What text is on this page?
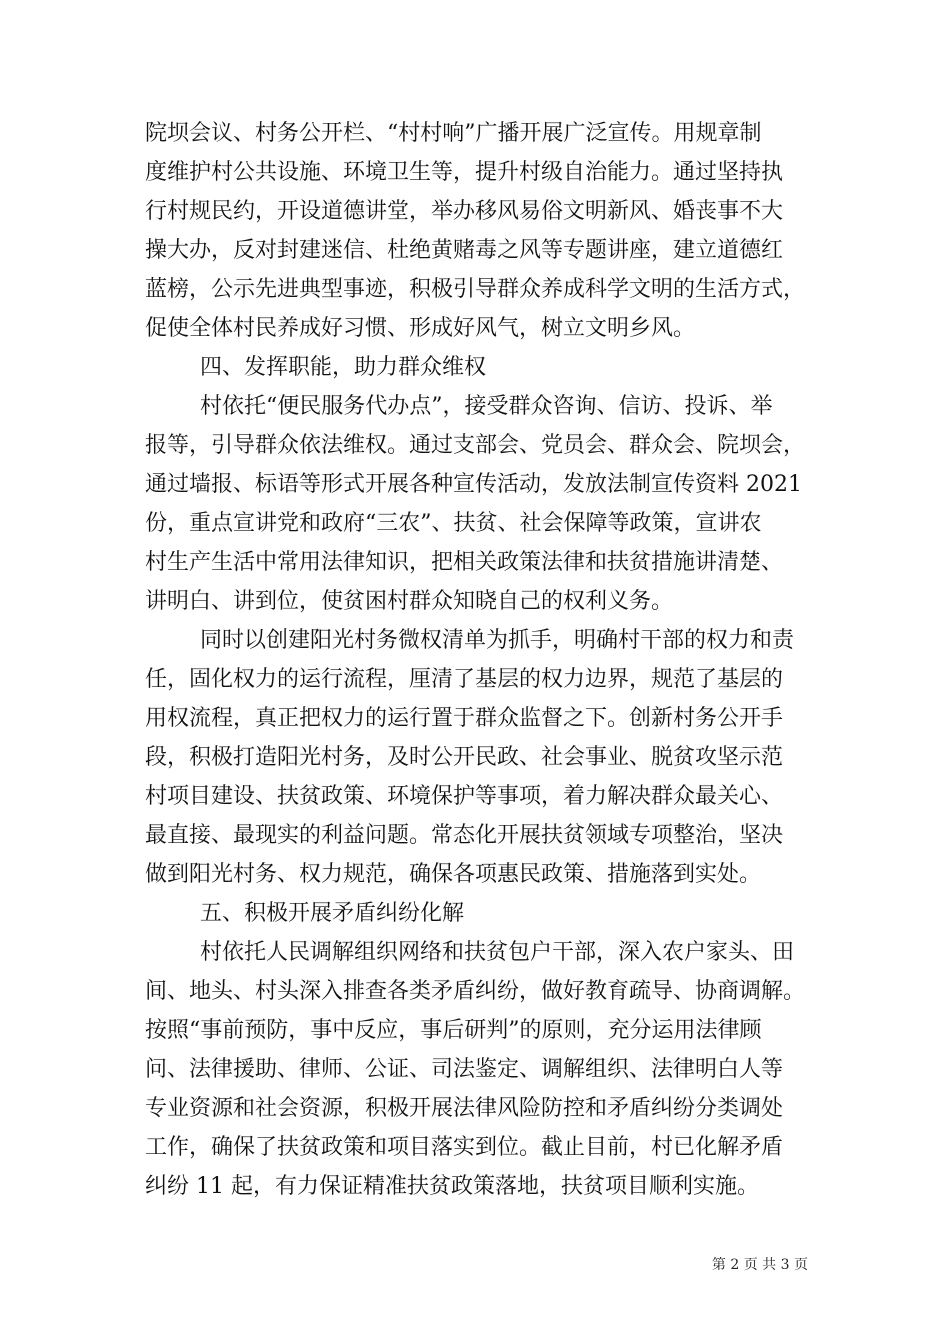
院坝会议、村务公开栏、“村村响”广播开展广泛宣传。用规章制
度维护村公共设施、环境卫生等，提升村级自治能力。通过坚持执
行村规民约，开设道德讲堂，举办移风易俗文明新风、婚丧事不大
操大办，反对封建迷信、杜绝黄赌毒之风等专题讲座，建立道德红
蓝榜，公示先进典型事迹，积极引导群众养成科学文明的生活方式，
促使全体村民养成好习惯、形成好风气，树立文明乡风。
四、发挥职能，助力群众维权
村依托“便民服务代办点”，接受群众咨询、信访、投诉、举
报等，引导群众依法维权。通过支部会、党员会、群众会、院坝会，
通过墙报、标语等形式开展各种宣传活动，发放法制宣传资料 2021
份，重点宣讲党和政府“三农”、扶贫、社会保障等政策，宣讲农
村生产生活中常用法律知识，把相关政策法律和扶贫措施讲清楚、
讲明白、讲到位，使贫困村群众知晓自己的权利义务。
同时以创建阳光村务微权清单为抓手，明确村干部的权力和责
任，固化权力的运行流程，厘清了基层的权力边界，规范了基层的
用权流程，真正把权力的运行置于群众监督之下。创新村务公开手
段，积极打造阳光村务，及时公开民政、社会事业、脱贫攻坚示范
村项目建设、扶贫政策、环境保护等事项，着力解决群众最关心、
最直接、最现实的利益问题。常态化开展扶贫领域专项整治，坚决
做到阳光村务、权力规范，确保各项惠民政策、措施落到实处。
五、积极开展矛盾纠纷化解
村依托人民调解组织网络和扶贫包户干部，深入农户家头、田
间、地头、村头深入排查各类矛盾纠纷，做好教育疏导、协商调解。
按照“事前预防，事中反应，事后研判”的原则，充分运用法律顾
问、法律援助、律师、公证、司法鉴定、调解组织、法律明白人等
专业资源和社会资源，积极开展法律风险防控和矛盾纠纷分类调处
工作，确保了扶贫政策和项目落实到位。截止目前，村已化解矛盾
纠纷 11 起，有力保证精准扶贫政策落地，扶贫项目顺利实施。
第 2 页 共 3 页
